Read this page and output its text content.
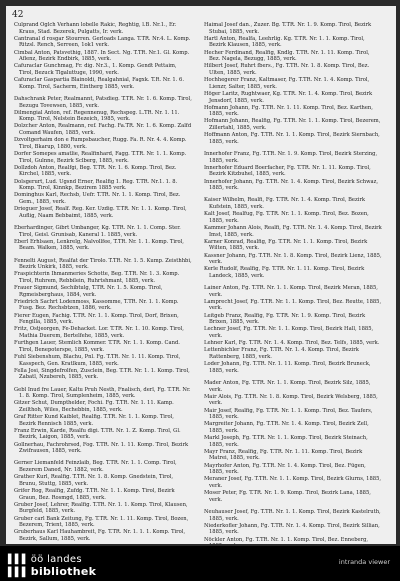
42
Culprand Oglch Verhann lobelle Rakic, Reghtig, l.B. Nr.1., Er. Kraus, Stad. Bezerek, Pulgatts, Ir. verk.
Cantranal d rosgar Stourren. Gerloads Langa. T.TR. Nr.4. L. Komp. Ritzsl. Rench, Serreen, 1ok1 verk.
Cimbal Anton, Patsvethig, 1887. In Sect. Ng. T.TR. Nr.1. Gl. Komp. Aflenz, Bezirk Endbirk, 1885, verk.
Cafuraclar Gunchmag, Fr. dig. Nr.3., 1. Komp. Gendt Pettaim, Tirol, Bezuck Tlgaluttuge, 1990, verk.
Cafuraclar Gaspartia Blainoldi, Realgahnial, Fagxk. T.R. Nr. 1. 6. Komp. Tirol, Sacherm, Eintherg 1885, verk.
Dahschrank Peter, Realmannt, Patsdieg. T.TR. Nr. 1. 6. Komp. Tirol, Bezugu Tovewsen, 1885, verk.
Dilmengial Anton, ref. Regennenug, Rechspeg. L.TR. Nr. 1. 11. Komp. Tirol, Nelstein Bezeich, 1985, verk.
Dolzcher Anton, Realmann, ref. Fachg. Fa.TR. Nr. 1. 6. Komp. Zalfd Comand Waufen, 1885, verk.
Dzvoltgerhaim don e Rumpsbaucher, Rugg. Fa. R. Nr. 4. 4. Komp. Tirol, Bkarup, 1880, verk.
Dorfer Somepes amatlie, Realfinhard, Fagg. T.TR. Nr. 1. 1. Komp. Tirol, Gulnne, Bezirk Sclberg, 1885, verk.
Dollzdoh Anton, Realfgi, Beg. T.TR. Nr. 1. 6. Komp. Tirol, Bez. Kirchel, 1885, verk.
Dolsgerurt, Lud. Ugsnd Erner, Realfig 1. Reg. T.TR. Nr.1. 1. 8. Komp. Tirol, Kinnkp, Bezirem 1885 verk.
Dominghus Karl, Rechsb, Uefr. T.TR. Nr. 1. 1. Komp. Tirol, Bez. Gem., 1885, verk.
Drieguer Josef, Realf. Reg. Ker. Uzdig. T.TR. Nr. 1. 1. Komp. Tirol, Auflig, Naam Bebbaimt, 1885, verk.
Eberhardinger, Gibrt Umbanger, Kg. T.TR. Nr. 1. 1. Comp. Ster. Tirol, Geisl. Grunisab, Kaneral 1. 1885, verk.
Eberl Erhlsaen, Lenkrelg, Nalvollfee, T.TR. Nr. 1. 1. Komp. Tirol, Beam. Walken, 1885, verk.
Fennelti August, Realfat der Tirolo. T.TR. Nr. 1. 5. Kump. Zeisthhbi, Bezirk Unkirk, 1885, verk.
Fraspichterin Ihmanmeries Schotte, Beg. T.TR. Nr. 1. 3. Komp. Tirol, Ruhrem, Rebbilein, Ruhrtshmant, 1885, verk.
Frauer Sigmund, Sechibtulg, T.TR. Nr. 1. 5. Komp. Tirol, Rgmeisberghaus, 1884, verk.
Friedrich Sachrt Lodenmoss, Kassomme, T.TR. Nr. 1. 1. Komp. Fusg. Bez. Rechsbtzen, 1886, verk.
Fierer Eugen, Fachig. T.TR. Nr. 1. 1. Komp. Tirol, Dorf, Brixen, Fengilla, 1885, verk.
Fritz, Ostjeorgen, Fe-Dehacket. Lor. T.TR. Nr. 1. 10. Komp. Tirol, Mathia Duerem, Bertelfehe, 1885, verk.
Furthgen Lauer, Stemlich Kommer. T.TR. Nr. 1. 1. Komp. Cand. Tirol, Benepoterspe, 1885, verk.
Fuhl Siebenshum, Blachu, Pnl. Fg. T.TR. Nr. 1. 11. Komp. Tirol, Kasspech, Gen. Kratlkum, 1885, verk.
Fella Josi, Singdefrolfen, Zusclein, Beg. T.TR. Nr. 1. 1. Komp. Tirol, Zabatl, Nzubereh, 1885, verk.
Gebl Inud fre Lauer, Kaltu Pruh Nesth, Fnalisch, derl, Fg. T.TR. Nr. 1. 8. Komp. Tirol, Sumplenheim, 1885, verk.
Gitzer Schut, Dumpthelder, Fochi. Fg. T.TR. Nr. 1. 11. Kamp. Zeilthoh, Wiles, Bechebbin, 1885, verk.
Graf Ritter Kund Kaiblet, Realfig. T.TR. Nr. 1. 1. Komp. Tirol, Bezirk Rennisch 1885, verk.
Franz Erwin, Karde, Realfu digi. T.TR. Nr. 1. Z. Komp. Tirol, Gl. Bezirk, Laigon, 1885, verk.
Gollnerhau, Fachrohrsed, Fog. T.TR. Nr. 1. 11. Komp. Tirol, Bezirk Zwifrausen, 1885, verk.
Gerner Liemanfeld Feinzlaib, Beg. T.TR. Nr. 1. 1. Comp. Tirol, Bezerem Daned, Nr. 1882, verk.
Grather Kurl, Realfig. T.TR. Nr. 1. 8. Komp. Gnedstein, Tirol, Brunu, Stuttg, 1885, verk.
Grifer Rog, Realfig, Zufdg. T.TR. Nr. 1. 1. Komp. Tirol, Bezirk Graun, Bez. Rosmgd, 1885, verk.
Gruber Josef, Lehrer, Realfig. T.TR. Nr. 1. 1. Komp. Tirol, Klausen, Burgfeld, 1885, verk.
Gruber carl Bank Zeitung, Fg. T.TR. Nr. 1. 11. Komp. Tirol, Bozen, Bezerem, Trient, 1885, verk.
Gruberhaus Karl Hauhambreit, Fg. T.TR. Nr. 1. 1. 1. Komp. Tirol, Bezirk, Sallum, 1885, verk.
Haimal Josef dan., Zuzer. Bg. T.TR. Nr. 1. 9. Komp. Tirol, Bezirk Stubai, 1885, verk.
Hartl Anton, Realfa, Leehrlig. Kg. T.TR. Nr. 1. 1. Komp. Tirol, Bezirk Klausen, 1885, verk.
Hecher Ferdinand, Realfig, Kndlg. T.TR. Nr. 1. 11. Komp. Tirol, Bez. Nagela, Bezugg, 1885, verk.
Hilbert Josef, Ruhrt fbers., Fg. T.TR. Nr. 1. 8. Komp. Tirol, Bez. Ulten, 1885, verk.
Hochhegerer Franz, Kaltmaser, Fg. T.TR. Nr. 1. 4. Komp. Tirol, Lienzr, Salter, 1885, verk.
Höger Laritz, Rughtwaer, Kg. T.TR. Nr. 1. 4. Komp. Tirol, Bezirk Jensdorf, 1885, verk.
Hofmann Johann, Fg. T.TR. Nr. 1. 11. Komp. Tirol, Bez. Karthen, 1885, verk.
Hofmann Johann, Realfig, Fg. T.TR. Nr. 1. 1. Komp. Tirol, Bezerem, Zillertahl, 1885, verk.
Hoffmann Anton, Fg. T.TR. Nr. 1. 1. Komp. Tirol, Bezirk Siernbach, 1885, verk.
Innerhofer Franz, Fg. T.TR. Nr. 1. 9. Komp. Tirol, Bezirk Sterzing, 1885, verk.
Innerhofer Eduard Boerfacher, Fg. T.TR. Nr. 1. 11. Komp. Tirol, Bezirk Kitzbuhel, 1885, verk.
Innerhofer Johann, Fg. T.TR. Nr. 1. 4. Komp. Tirol, Bezirk Schwaz, 1885, verk.
Kaiser Wilhelm, Realfi, Fg. T.TR. Nr. 1. 4. Komp. Tirol, Bezirk Kufstein, 1885, verk.
Kalt Josef, Realfug, Fg. T.TR. Nr. 1. 1. Komp. Tirol, Bez. Bozen, 1885, verk.
Kammer Johann Alois, Realfi, Fg. T.TR. Nr. 1. 4. Komp. Tirol, Bezirk Imst, 1885, verk.
Karner Konrad, Realfig, Fg. T.TR. Nr. 1. 1. Komp. Tirol, Bezirk Wilten, 1885, verk.
Kassner Johann, Fg. T.TR. Nr. 1. 8. Komp. Tirol, Bezirk Lienz, 1885, verk.
Kerle Rudolf, Realfig, Fg. T.TR. Nr. 1. 11. Komp. Tirol, Bezirk Landeck, 1885, verk.
Lainer Anton, Fg. T.TR. Nr. 1. 1. Komp. Tirol, Bezirk Meran, 1885, verk.
Lamprecht Josef, Fg. T.TR. Nr. 1. 1. Komp. Tirol, Bez. Reutte, 1885, verk.
Leitgeb Franz, Realfig, Fg. T.TR. Nr. 1. 9. Komp. Tirol, Bezirk Brixen, 1885, verk.
Lechner Josef, Fg. T.TR. Nr. 1. 1. Komp. Tirol, Bezirk Hall, 1885, verk.
Lehner Karl, Fg. T.TR. Nr. 1. 4. Komp. Tirol, Bez. Telfs, 1885, verk.
Lettenbichler Franz, Fg. T.TR. Nr. 1. 4. Komp. Tirol, Bezirk Rattenberg, 1885, verk.
Loder Johann, Fg. T.TR. Nr. 1. 11. Komp. Tirol, Bezirk Bruneck, 1885, verk.
Mader Anton, Fg. T.TR. Nr. 1. 1. Komp. Tirol, Bezirk Silz, 1885, verk.
Mair Alois, Fg. T.TR. Nr. 1. 8. Komp. Tirol, Bezirk Welsberg, 1885, verk.
Mair Josef, Realfig, Fg. T.TR. Nr. 1. 1. Komp. Tirol, Bez. Taufers, 1885, verk.
Margreiter Johann, Fg. T.TR. Nr. 1. 4. Komp. Tirol, Bezirk Zell, 1885, verk.
Markl Joseph, Fg. T.TR. Nr. 1. 1. Komp. Tirol, Bezirk Steinach, 1885, verk.
Mayr Franz, Realfig, Fg. T.TR. Nr. 1. 11. Komp. Tirol, Bezirk Matrei, 1885, verk.
Mayrhofer Anton, Fg. T.TR. Nr. 1. 4. Komp. Tirol, Bez. Fügen, 1885, verk.
Meraner Josef, Fg. T.TR. Nr. 1. 1. Komp. Tirol, Bezirk Glurns, 1885, verk.
Moser Peter, Fg. T.TR. Nr. 1. 9. Komp. Tirol, Bezirk Lana, 1885, verk.
Neuhauser Josef, Fg. T.TR. Nr. 1. 1. Komp. Tirol, Bezirk Kastelruth, 1885, verk.
Niederkofler Johann, Fg. T.TR. Nr. 1. 4. Komp. Tirol, Bezirk Sillian, 1885, verk.
Nöckler Anton, Fg. T.TR. Nr. 1. 1. Komp. Tirol, Bez. Enneberg,
▌▌▌ öö landes
▌▌▌ bibliothek
intranda viewer
